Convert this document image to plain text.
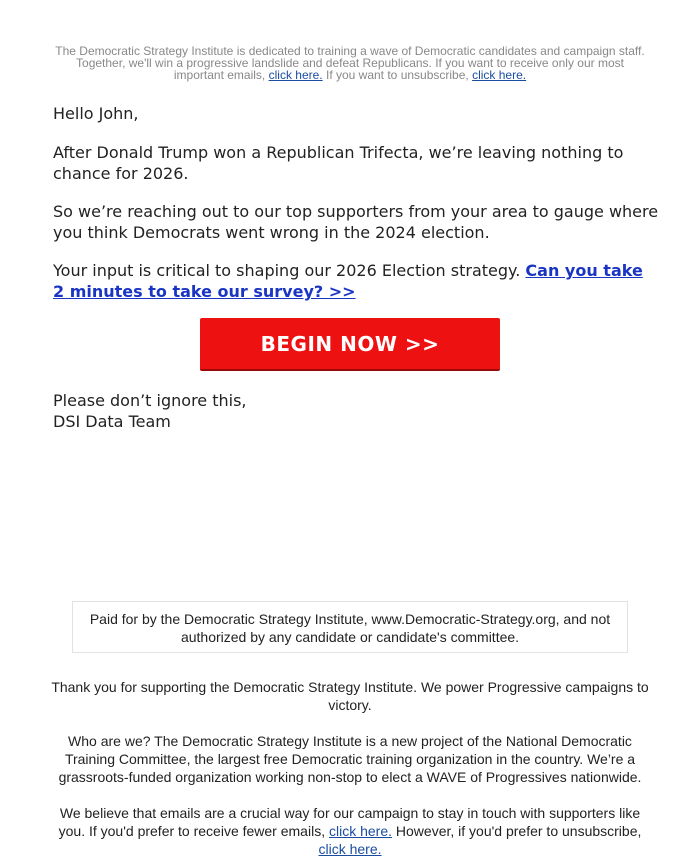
The Democratic Strategy Institute is dedicated to training a wave of Democratic candidates and campaign staff. Together, we'll win a progressive landslide and defeat Republicans. If you want to receive only our most important emails, click here. If you want to unsubscribe, click here.

Hello John,

After Donald Trump won a Republican Trifecta, we’re leaving nothing to chance for 2026.

So we’re reaching out to our top supporters from your area to gauge where you think Democrats went wrong in the 2024 election.

Your input is critical to shaping our 2026 Election strategy. Can you take 2 minutes to take our survey? >>

BEGIN NOW >>

Please don’t ignore this,

DSI Data Team

Paid for by the Democratic Strategy Institute, www.Democratic-Strategy.org, and not authorized by any candidate or candidate's committee.

Thank you for supporting the Democratic Strategy Institute. We power Progressive campaigns to victory.

Who are we? The Democratic Strategy Institute is a new project of the National Democratic Training Committee, the largest free Democratic training organization in the country. We’re a grassroots-funded organization working non-stop to elect a WAVE of Progressives nationwide.

We believe that emails are a crucial way for our campaign to stay in touch with supporters like you. If you'd prefer to receive fewer emails, click here. However, if you'd prefer to unsubscribe, click here.
